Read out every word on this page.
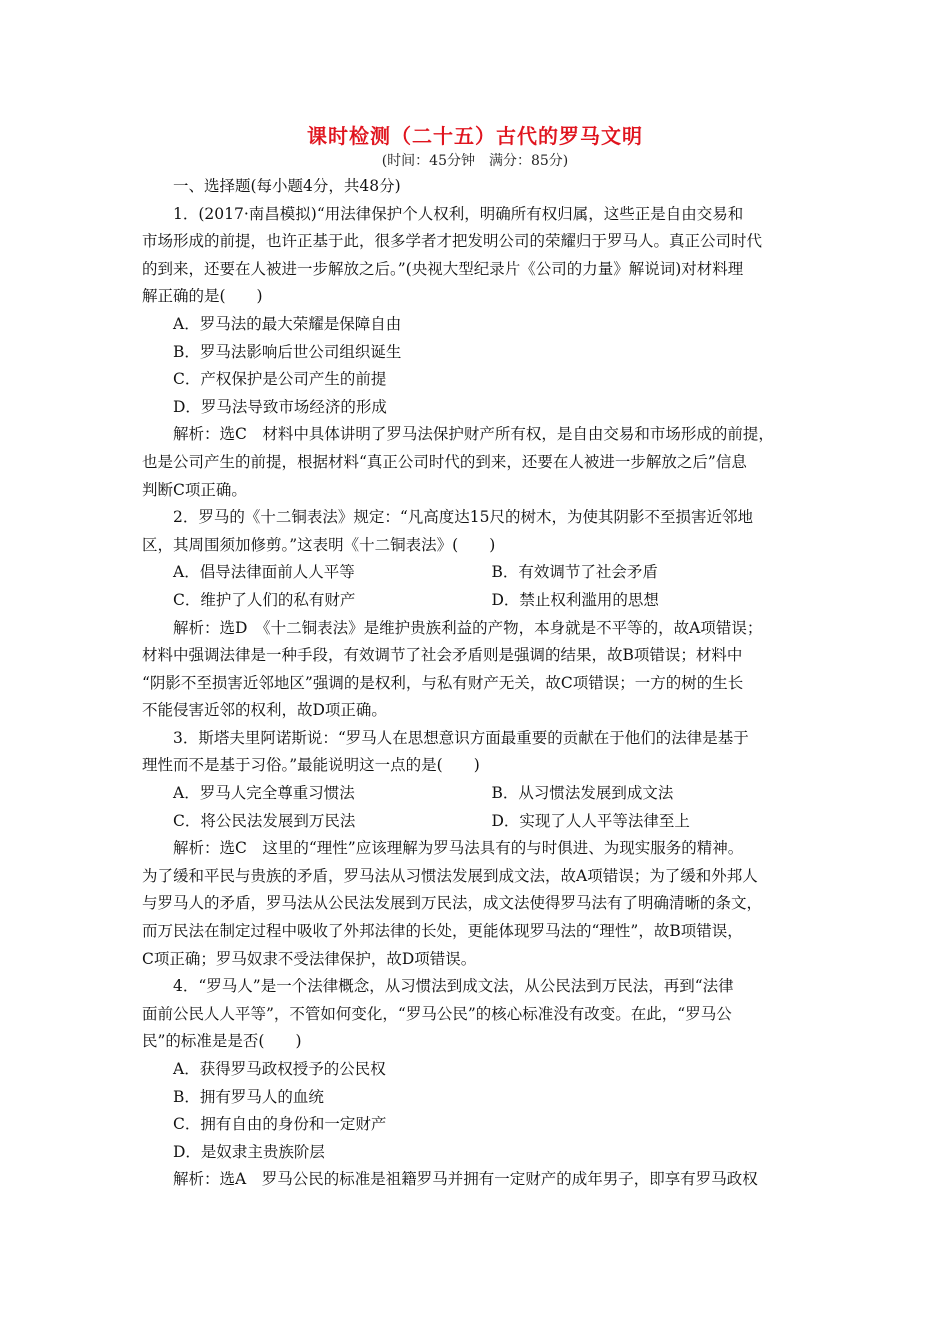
课时检测（二十五）古代的罗马文明
(时间：45分钟　满分：85分)
一、选择题(每小题4分，共48分)
1．(2017·南昌模拟)“用法律保护个人权利，明确所有权归属，这些正是自由交易和
市场形成的前提，也许正基于此，很多学者才把发明公司的荣耀归于罗马人。真正公司时代
的到来，还要在人被进一步解放之后。”(央视大型纪录片《公司的力量》解说词)对材料理
解正确的是(　　)
A．罗马法的最大荣耀是保障自由
B．罗马法影响后世公司组织诞生
C．产权保护是公司产生的前提
D．罗马法导致市场经济的形成
解析：选C　材料中具体讲明了罗马法保护财产所有权，是自由交易和市场形成的前提，
也是公司产生的前提，根据材料“真正公司时代的到来，还要在人被进一步解放之后”信息
判断C项正确。
2．罗马的《十二铜表法》规定：“凡高度达15尺的树木，为使其阴影不至损害近邻地
区，其周围须加修剪。”这表明《十二铜表法》(　　)
A．倡导法律面前人人平等	B．有效调节了社会矛盾
C．维护了人们的私有财产	D．禁止权利滥用的思想
解析：选D　《十二铜表法》是维护贵族利益的产物，本身就是不平等的，故A项错误；
材料中强调法律是一种手段，有效调节了社会矛盾则是强调的结果，故B项错误；材料中
“阴影不至损害近邻地区”强调的是权利，与私有财产无关，故C项错误；一方的树的生长
不能侵害近邻的权利，故D项正确。
3．斯塔夫里阿诺斯说：“罗马人在思想意识方面最重要的贡献在于他们的法律是基于
理性而不是基于习俗。”最能说明这一点的是(　　)
A．罗马人完全尊重习惯法	B．从习惯法发展到成文法
C．将公民法发展到万民法	D．实现了人人平等法律至上
解析：选C　这里的“理性”应该理解为罗马法具有的与时俱进、为现实服务的精神。
为了缓和平民与贵族的矛盾，罗马法从习惯法发展到成文法，故A项错误；为了缓和外邦人
与罗马人的矛盾，罗马法从公民法发展到万民法，成文法使得罗马法有了明确清晰的条文，
而万民法在制定过程中吸收了外邦法律的长处，更能体现罗马法的“理性”，故B项错误，
C项正确；罗马奴隶不受法律保护，故D项错误。
4．“罗马人”是一个法律概念，从习惯法到成文法，从公民法到万民法，再到“法律
面前公民人人平等”，不管如何变化，“罗马公民”的核心标准没有改变。在此，“罗马公
民”的标准是是否(　　)
A．获得罗马政权授予的公民权
B．拥有罗马人的血统
C．拥有自由的身份和一定财产
D．是奴隶主贵族阶层
解析：选A　罗马公民的标准是祖籍罗马并拥有一定财产的成年男子，即享有罗马政权
